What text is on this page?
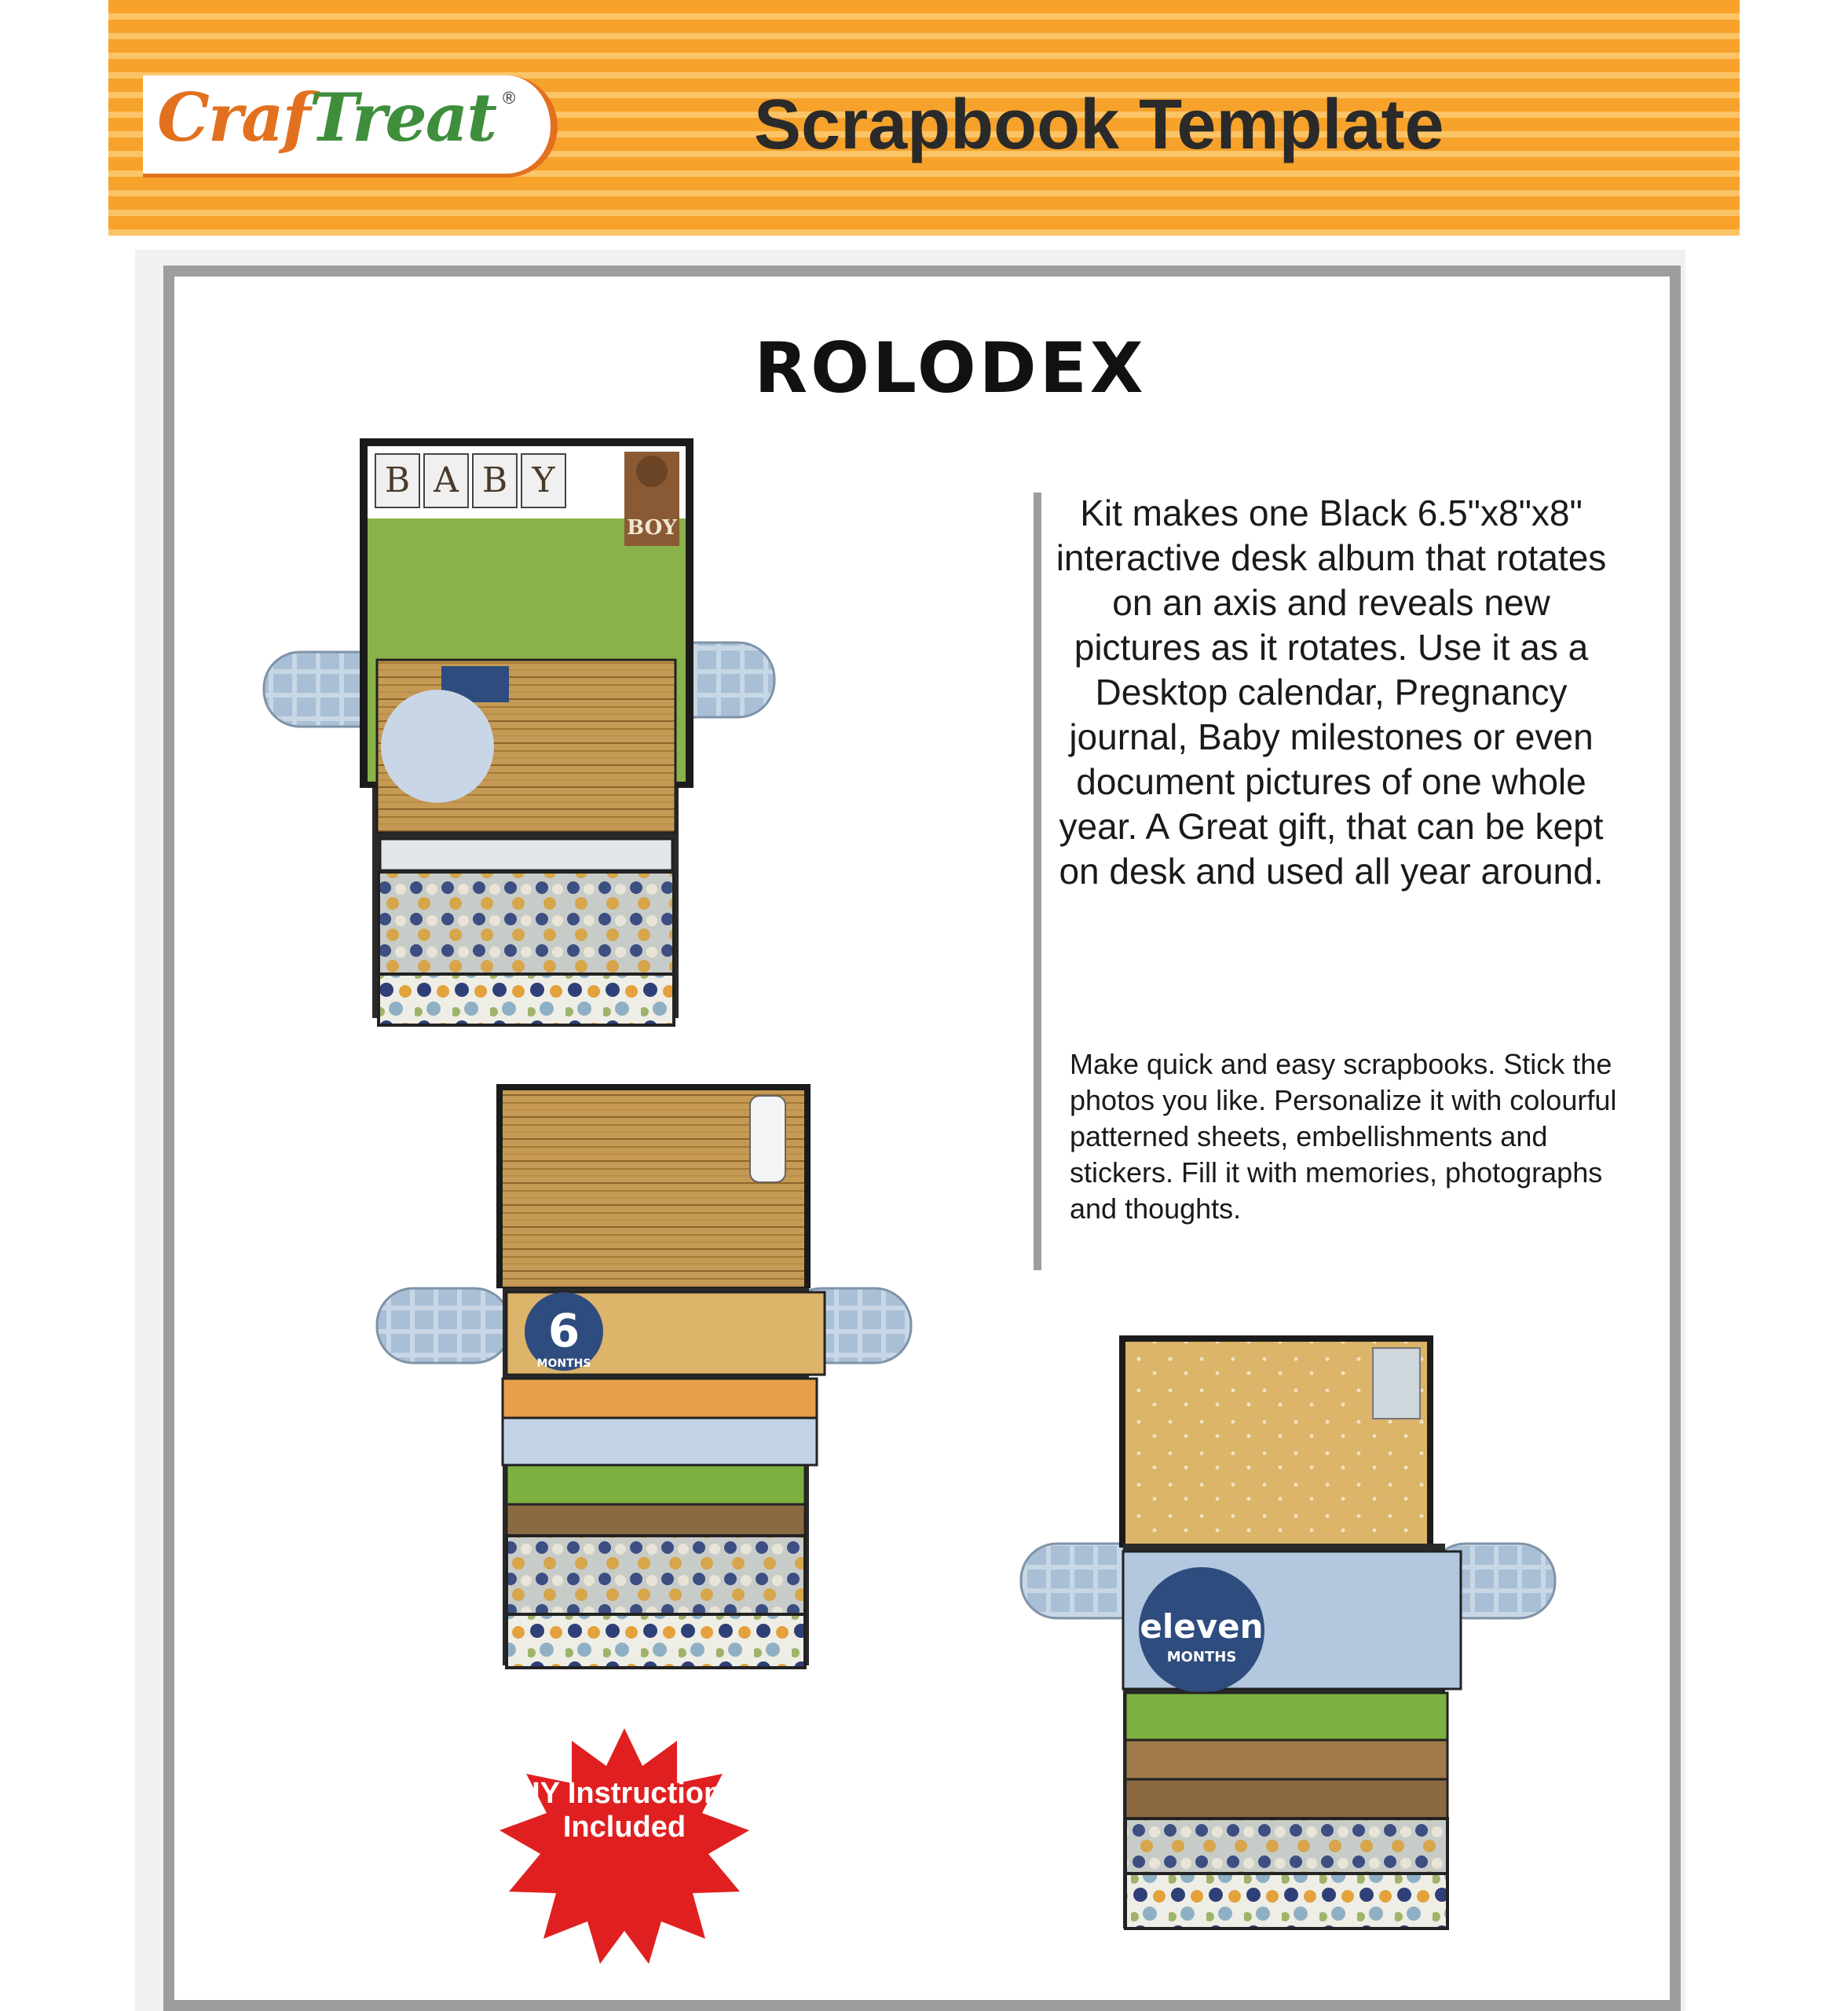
CrafTreat ®	Scrapbook Template
ROLODEX
Kit makes one Black 6.5"x8"x8" interactive desk album that rotates on an axis and reveals new pictures as it rotates. Use it as a Desktop calendar, Pregnancy journal, Baby milestones or even document pictures of one whole year. A Great gift, that can be kept on desk and used all year around.
Make quick and easy scrapbooks. Stick the photos you like. Personalize it with colourful patterned sheets, embellishments and stickers. Fill it with memories, photographs and thoughts.
B A B Y
BOY
6
MONTHS
eleven
MONTHS
DIY Instructions Included
